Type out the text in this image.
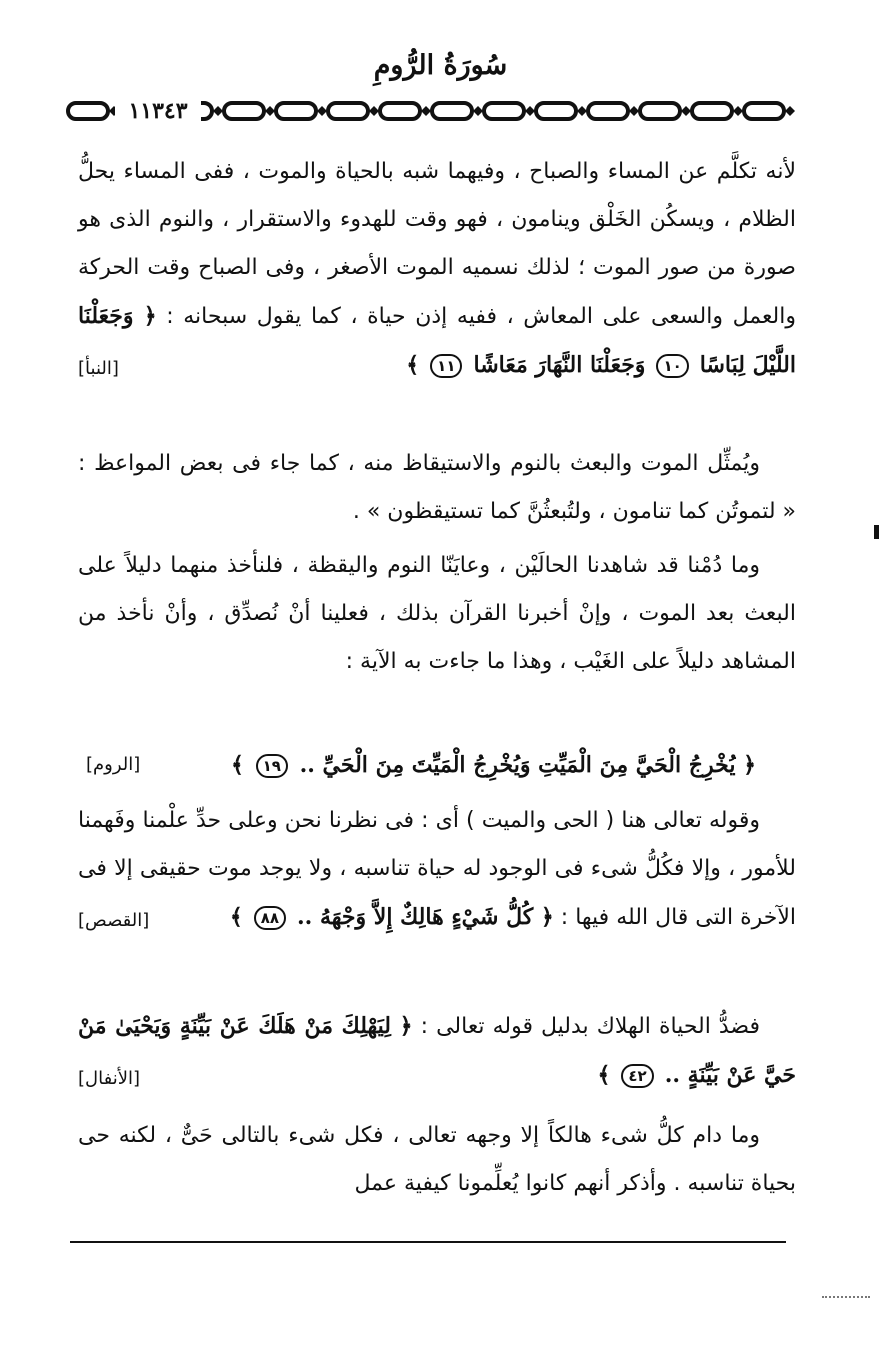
سُورَةُ الرُّومِ
١١٣٤٣
لأنه تكلَّم عن المساء والصباح ، وفيهما شبه بالحياة والموت ، ففى المساء يحلُّ الظلام ، ويسكُن الخَلْق وينامون ، فهو وقت للهدوء والاستقرار ، والنوم الذى هو صورة من صور الموت ؛ لذلك نسميه الموت الأصغر ، وفى الصباح وقت الحركة والعمل والسعى على المعاش ، ففيه إذن حياة ، كما يقول سبحانه : ﴿ وَجَعَلْنَا اللَّيْلَ لِبَاسًا ١٠ وَجَعَلْنَا النَّهَارَ مَعَاشًا ١١ ﴾
[النبأ]
ويُمثِّل الموت والبعث بالنوم والاستيقاظ منه ، كما جاء فى بعض المواعظ : « لتموتُن كما تنامون ، ولتُبعثُنَّ كما تستيقظون » .
وما دُمْنا قد شاهدنا الحالَيْن ، وعايَنّا النوم واليقظة ، فلنأخذ منهما دليلاً على البعث بعد الموت ، وإنْ أخبرنا القرآن بذلك ، فعلينا أنْ نُصدِّق ، وأنْ نأخذ من المشاهد دليلاً على الغَيْب ، وهذا ما جاءت به الآية :
﴿ يُخْرِجُ الْحَيَّ مِنَ الْمَيِّتِ وَيُخْرِجُ الْمَيِّتَ مِنَ الْحَيِّ .. ١٩ ﴾
[الروم]
وقوله تعالى هنا ( الحى والميت ) أى : فى نظرنا نحن وعلى حدِّ علْمنا وفَهمنا للأمور ، وإلا فكُلُّ شىء فى الوجود له حياة تناسبه ، ولا يوجد موت حقيقى إلا فى الآخرة التى قال الله فيها : ﴿ كُلُّ شَيْءٍ هَالِكٌ إِلاَّ وَجْهَهُ .. ٨٨ ﴾
[القصص]
فضدُّ الحياة الهلاك بدليل قوله تعالى : ﴿ لِيَهْلِكَ مَنْ هَلَكَ عَنْ بَيِّنَةٍ وَيَحْيَىٰ مَنْ حَيَّ عَنْ بَيِّنَةٍ .. ٤٢ ﴾
[الأنفال]
وما دام كلُّ شىء هالكاً إلا وجهه تعالى ، فكل شىء بالتالى حَىٌّ ، لكنه حى بحياة تناسبه . وأذكر أنهم كانوا يُعلِّمونا كيفية عمل
